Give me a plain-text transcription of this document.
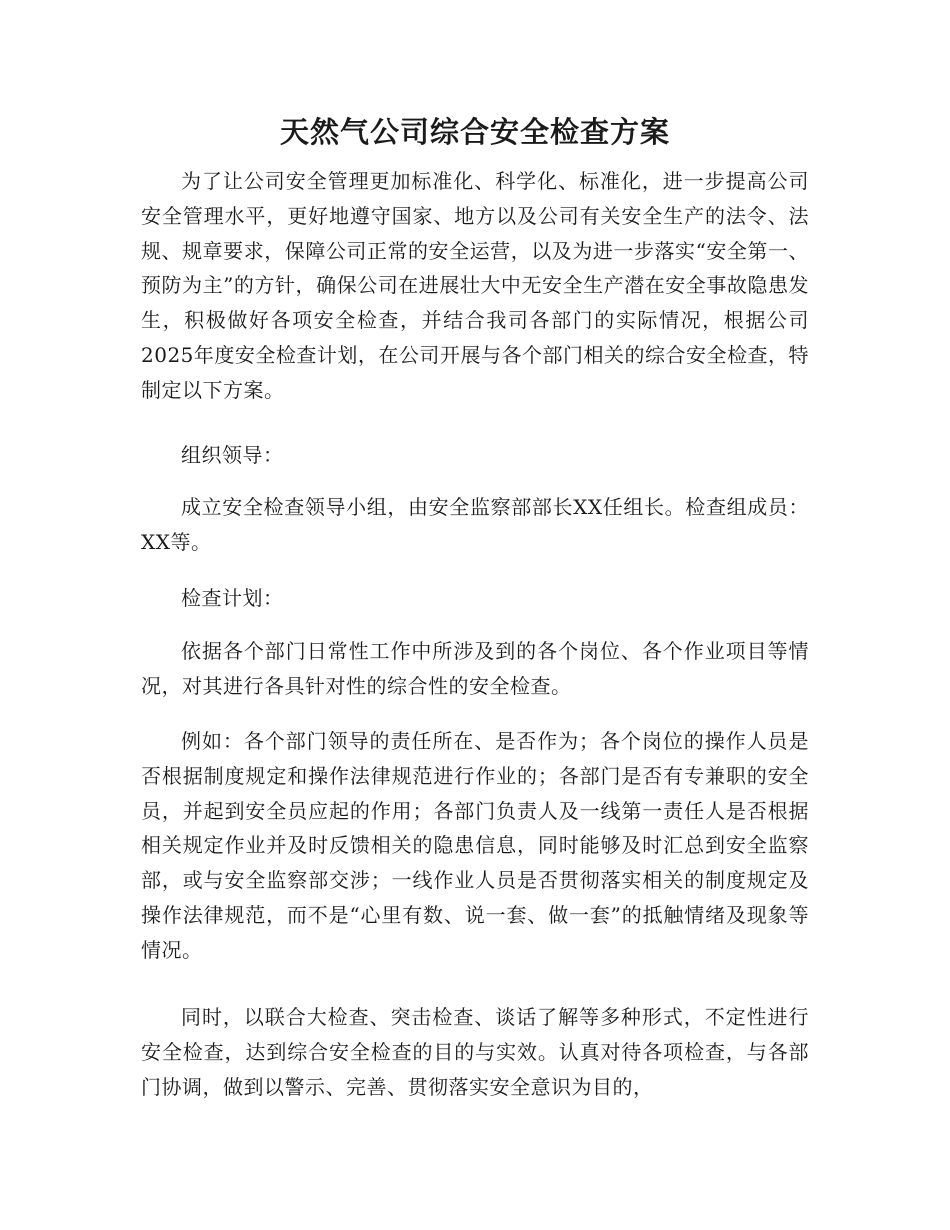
天然气公司综合安全检查方案

为了让公司安全管理更加标准化、科学化、标准化，进一步提高公司安全管理水平，更好地遵守国家、地方以及公司有关安全生产的法令、法规、规章要求，保障公司正常的安全运营，以及为进一步落实“安全第一、预防为主”的方针，确保公司在进展壮大中无安全生产潜在安全事故隐患发生，积极做好各项安全检查，并结合我司各部门的实际情况，根据公司2025年度安全检查计划，在公司开展与各个部门相关的综合安全检查，特制定以下方案。

组织领导：

成立安全检查领导小组，由安全监察部部长XX任组长。检查组成员：XX等。

检查计划：

依据各个部门日常性工作中所涉及到的各个岗位、各个作业项目等情况，对其进行各具针对性的综合性的安全检查。

例如：各个部门领导的责任所在、是否作为；各个岗位的操作人员是否根据制度规定和操作法律规范进行作业的；各部门是否有专兼职的安全员，并起到安全员应起的作用；各部门负责人及一线第一责任人是否根据相关规定作业并及时反馈相关的隐患信息，同时能够及时汇总到安全监察部，或与安全监察部交涉；一线作业人员是否贯彻落实相关的制度规定及操作法律规范，而不是“心里有数、说一套、做一套”的抵触情绪及现象等情况。

同时，以联合大检查、突击检查、谈话了解等多种形式，不定性进行安全检查，达到综合安全检查的目的与实效。认真对待各项检查，与各部门协调，做到以警示、完善、贯彻落实安全意识为目的，
